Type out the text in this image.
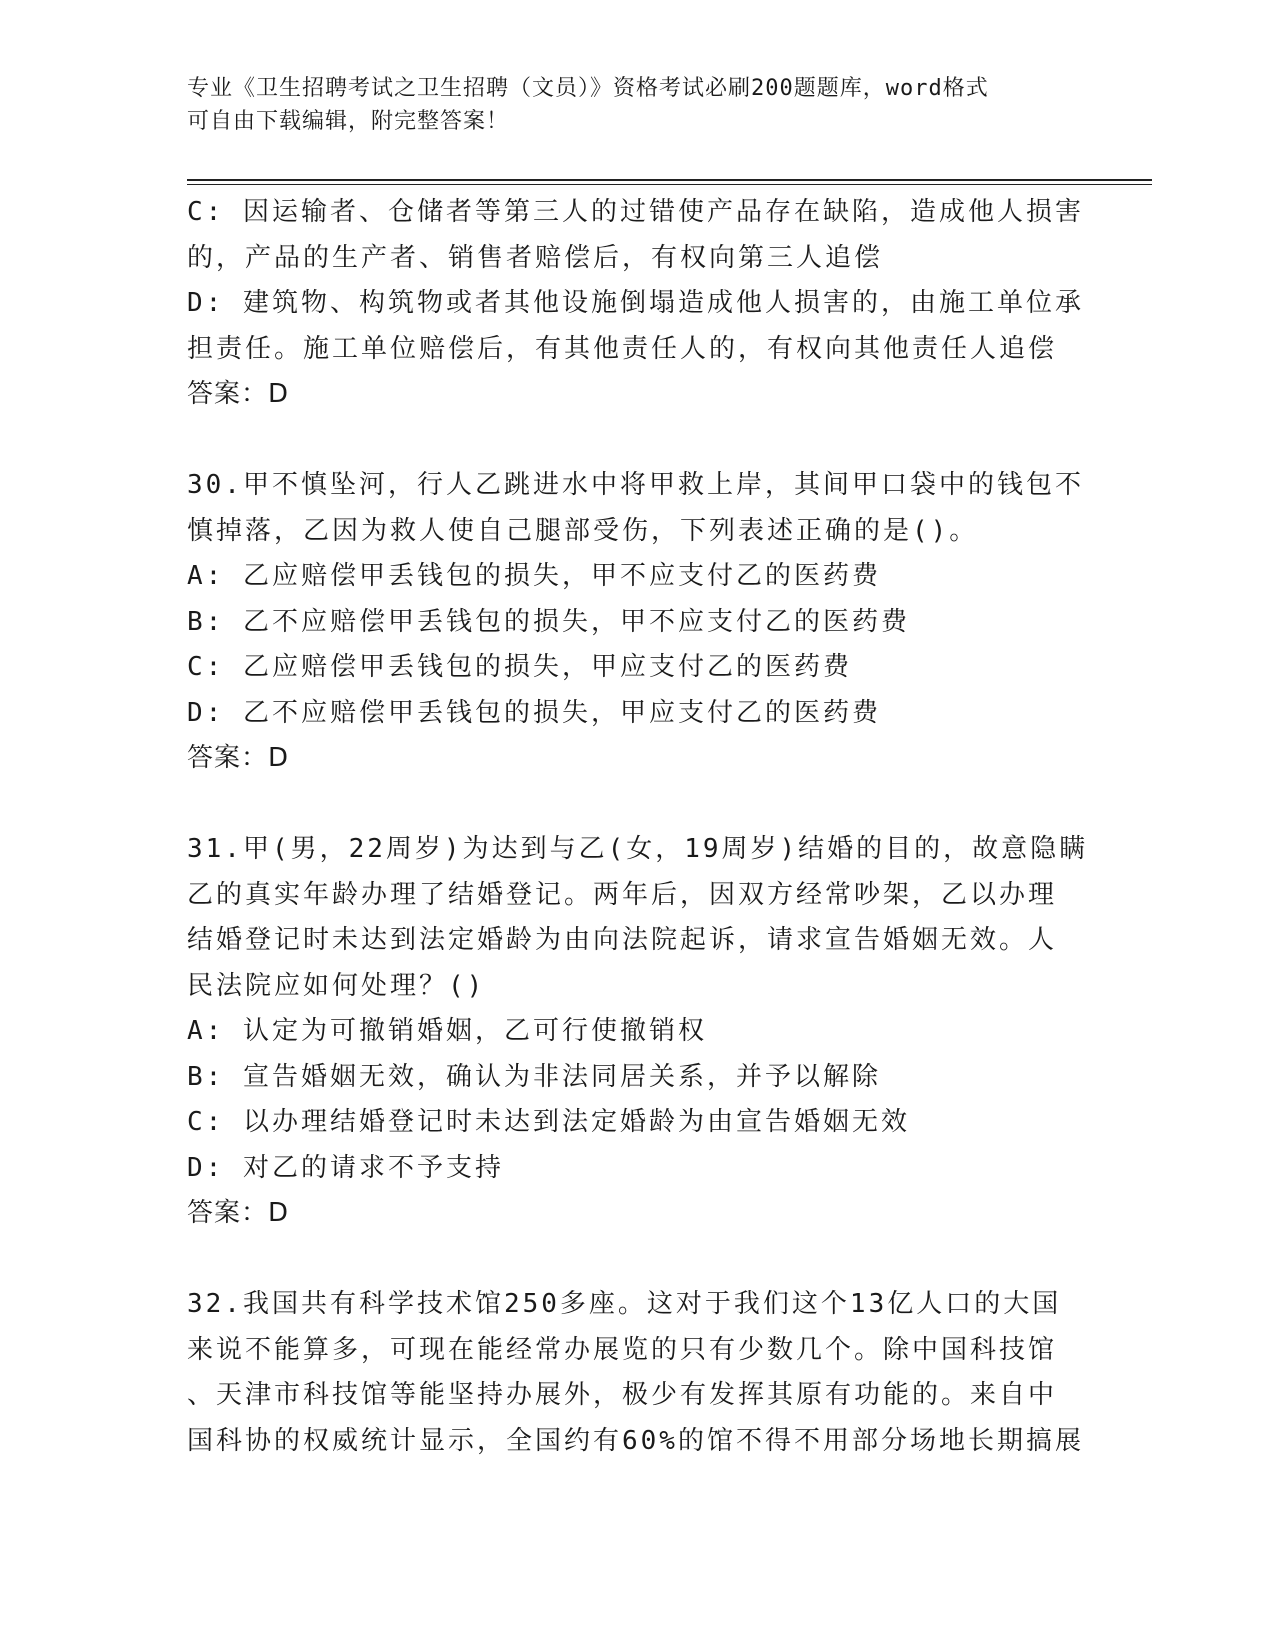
专业《卫生招聘考试之卫生招聘（文员）》资格考试必刷200题题库，word格式
可自由下载编辑，附完整答案！
C: 因运输者、仓储者等第三人的过错使产品存在缺陷，造成他人损害
的，产品的生产者、销售者赔偿后，有权向第三人追偿
D: 建筑物、构筑物或者其他设施倒塌造成他人损害的，由施工单位承
担责任。施工单位赔偿后，有其他责任人的，有权向其他责任人追偿
答案：D
30.甲不慎坠河，行人乙跳进水中将甲救上岸，其间甲口袋中的钱包不
慎掉落，乙因为救人使自己腿部受伤，下列表述正确的是()。
A: 乙应赔偿甲丢钱包的损失，甲不应支付乙的医药费
B: 乙不应赔偿甲丢钱包的损失，甲不应支付乙的医药费
C: 乙应赔偿甲丢钱包的损失，甲应支付乙的医药费
D: 乙不应赔偿甲丢钱包的损失，甲应支付乙的医药费
答案：D
31.甲(男，22周岁)为达到与乙(女，19周岁)结婚的目的，故意隐瞒
乙的真实年龄办理了结婚登记。两年后，因双方经常吵架，乙以办理
结婚登记时未达到法定婚龄为由向法院起诉，请求宣告婚姻无效。人
民法院应如何处理？()
A: 认定为可撤销婚姻，乙可行使撤销权
B: 宣告婚姻无效，确认为非法同居关系，并予以解除
C: 以办理结婚登记时未达到法定婚龄为由宣告婚姻无效
D: 对乙的请求不予支持
答案：D
32.我国共有科学技术馆250多座。这对于我们这个13亿人口的大国
来说不能算多，可现在能经常办展览的只有少数几个。除中国科技馆
、天津市科技馆等能坚持办展外，极少有发挥其原有功能的。来自中
国科协的权威统计显示，全国约有60%的馆不得不用部分场地长期搞展
